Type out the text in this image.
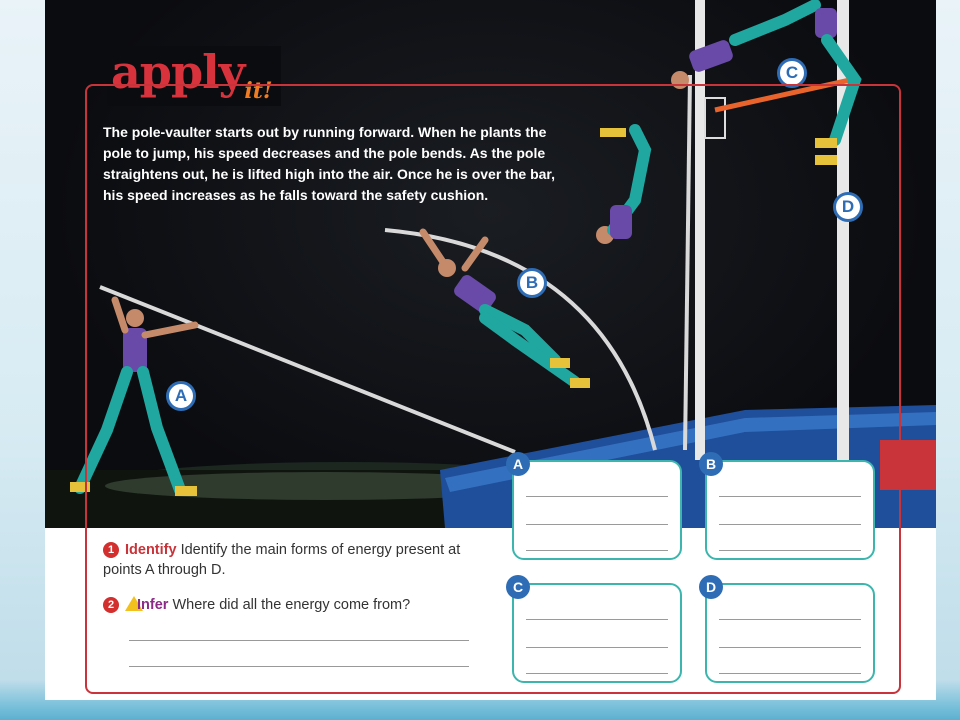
A
B
C
D
applyit!
The pole-vaulter starts out by running forward. When he plants the pole to jump, his speed decreases and the pole bends. As the pole straightens out, he is lifted high into the air. Once he is over the bar, his speed increases as he falls toward the safety cushion.
1 Identify Identify the main forms of energy present at points A through D.
2 Infer Where did all the energy come from?
A	B
C	D
